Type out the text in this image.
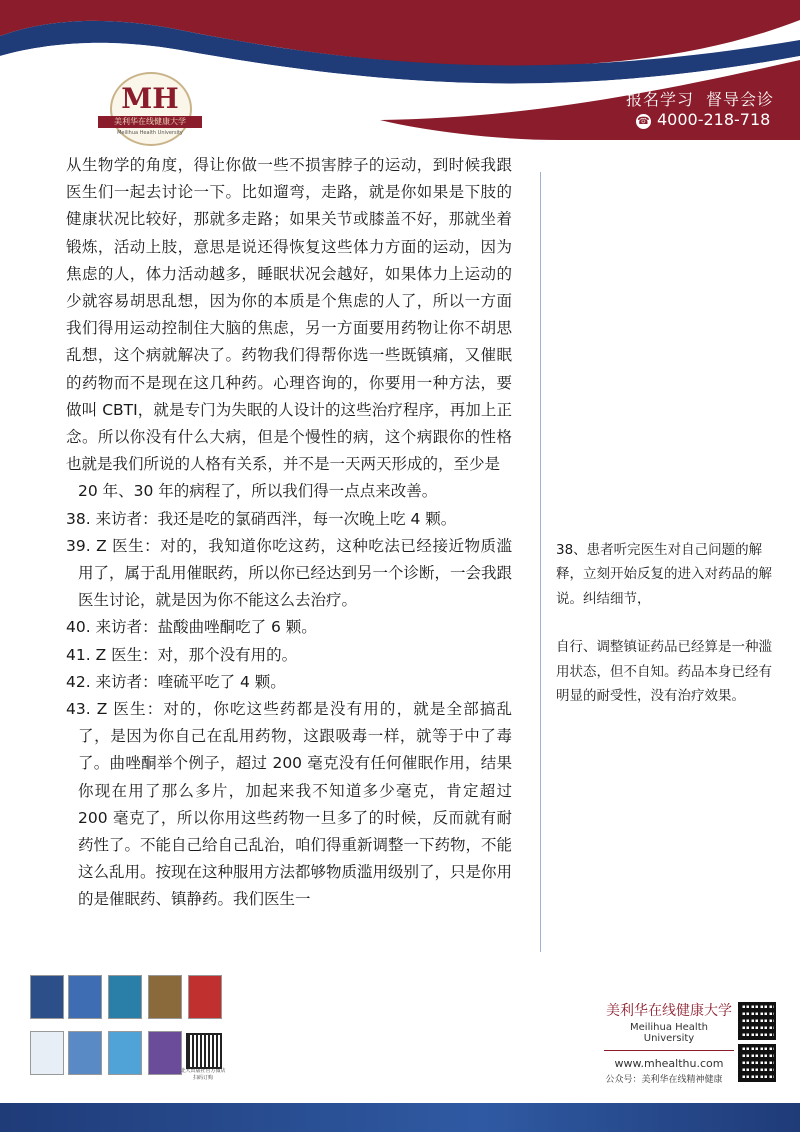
MH
美利华在线健康大学
Meilihua Health University
报名学习 督导会诊
☎ 4000-218-718

从生物学的角度，得让你做一些不损害脖子的运动，到时候我跟医生们一起去讨论一下。比如遛弯，走路，就是你如果是下肢的健康状况比较好，那就多走路；如果关节或膝盖不好，那就坐着锻炼，活动上肢，意思是说还得恢复这些体力方面的运动，因为焦虑的人，体力活动越多，睡眠状况会越好，如果体力上运动的少就容易胡思乱想，因为你的本质是个焦虑的人了，所以一方面我们得用运动控制住大脑的焦虑，另一方面要用药物让你不胡思乱想，这个病就解决了。药物我们得帮你选一些既镇痛，又催眠的药物而不是现在这几种药。心理咨询的，你要用一种方法，要做叫 CBTI，就是专门为失眠的人设计的这些治疗程序，再加上正念。所以你没有什么大病，但是个慢性的病，这个病跟你的性格也就是我们所说的人格有关系，并不是一天两天形成的，至少是

20 年、30 年的病程了，所以我们得一点点来改善。

38. 来访者：我还是吃的氯硝西泮，每一次晚上吃 4 颗。

39. Z 医生：对的，我知道你吃这药，这种吃法已经接近物质滥用了，属于乱用催眠药，所以你已经达到另一个诊断，一会我跟医生讨论，就是因为你不能这么去治疗。

40. 来访者：盐酸曲唑酮吃了 6 颗。

41. Z 医生：对，那个没有用的。

42. 来访者：喹硫平吃了 4 颗。

43. Z 医生：对的，你吃这些药都是没有用的，就是全部搞乱了，是因为你自己在乱用药物，这跟吸毒一样，就等于中了毒了。曲唑酮举个例子，超过 200 毫克没有任何催眠作用，结果你现在用了那么多片，加起来我不知道多少毫克，肯定超过 200 毫克了，所以你用这些药物一旦多了的时候，反而就有耐药性了。不能自己给自己乱治，咱们得重新调整一下药物，不能这么乱用。按现在这种服用方法都够物质滥用级别了，只是你用的是催眠药、镇静药。我们医生一

38、患者听完医生对自己问题的解释，立刻开始反复的进入对药品的解说。纠结细节，

自行、调整镇证药品已经算是一种滥用状态，但不自知。药品本身已经有明显的耐受性，没有治疗效果。

北大出版社官方微店 扫码订购
美利华在线健康大学
Meilihua Health University
www.mhealthu.com
公众号：美利华在线精神健康
